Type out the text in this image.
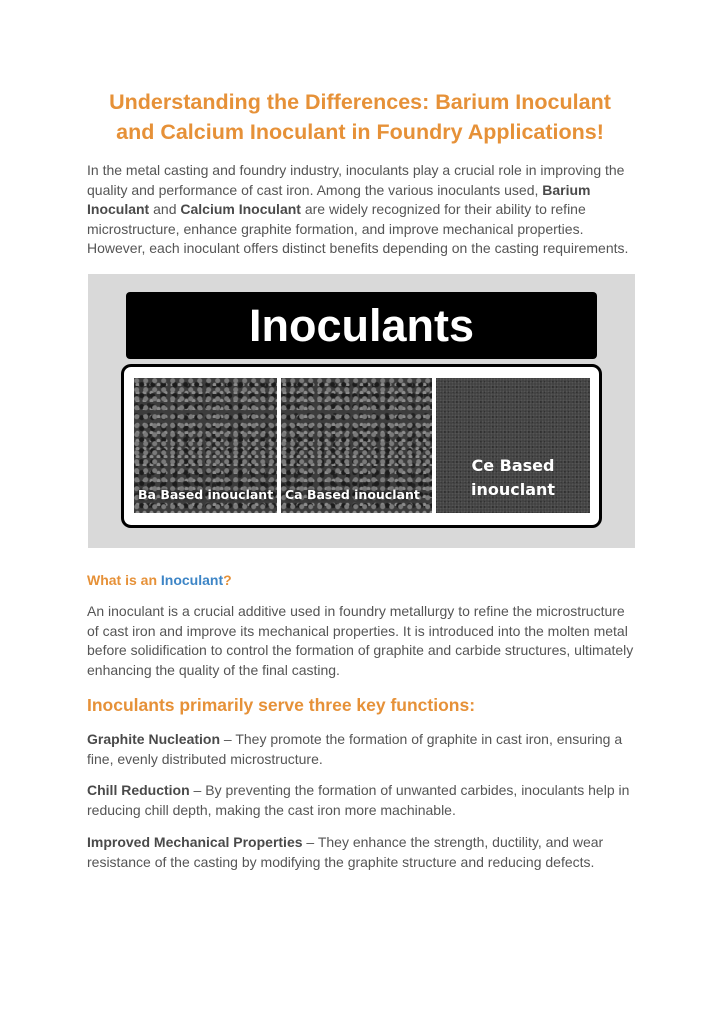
Understanding the Differences: Barium Inoculant
and Calcium Inoculant in Foundry Applications!

In the metal casting and foundry industry, inoculants play a crucial role in improving the quality and performance of cast iron. Among the various inoculants used, Barium Inoculant and Calcium Inoculant are widely recognized for their ability to refine microstructure, enhance graphite formation, and improve mechanical properties. However, each inoculant offers distinct benefits depending on the casting requirements.

Inoculants
Ba Based inouclant Ca Based inouclant
Ce Based
inouclant
What is an Inoculant?

An inoculant is a crucial additive used in foundry metallurgy to refine the microstructure of cast iron and improve its mechanical properties. It is introduced into the molten metal before solidification to control the formation of graphite and carbide structures, ultimately enhancing the quality of the final casting.

Inoculants primarily serve three key functions:

Graphite Nucleation – They promote the formation of graphite in cast iron, ensuring a fine, evenly distributed microstructure.

Chill Reduction – By preventing the formation of unwanted carbides, inoculants help in reducing chill depth, making the cast iron more machinable.

Improved Mechanical Properties – They enhance the strength, ductility, and wear resistance of the casting by modifying the graphite structure and reducing defects.
